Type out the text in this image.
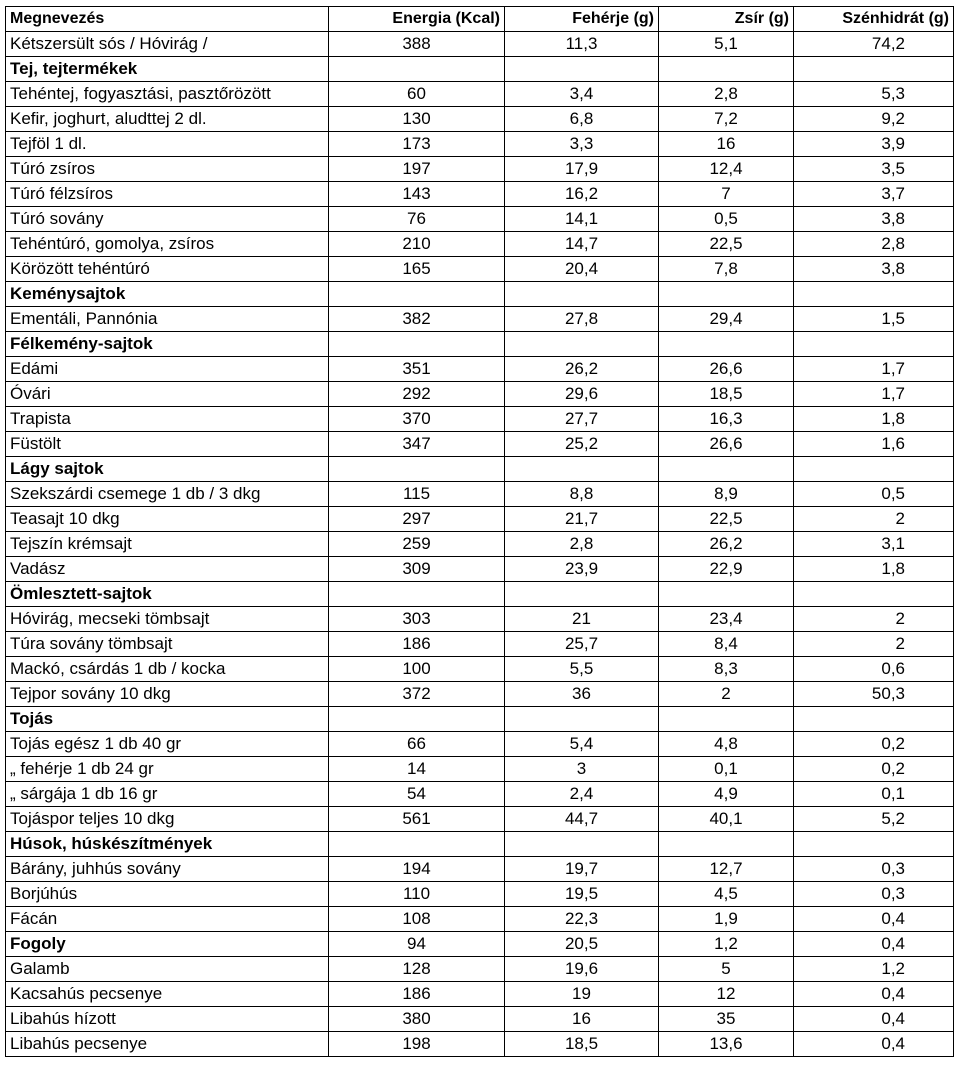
Megnevezés	Energia (Kcal)	Fehérje (g)	Zsír (g)	Szénhidrát (g)
Kétszersült sós / Hóvirág /	388	11,3	5,1	74,2
Tej, tejtermékek				
Tehéntej, fogyasztási, pasztőrözött	60	3,4	2,8	5,3
Kefir, joghurt, aludttej 2 dl.	130	6,8	7,2	9,2
Tejföl 1 dl.	173	3,3	16	3,9
Túró zsíros	197	17,9	12,4	3,5
Túró félzsíros	143	16,2	7	3,7
Túró sovány	76	14,1	0,5	3,8
Tehéntúró, gomolya, zsíros	210	14,7	22,5	2,8
Körözött tehéntúró	165	20,4	7,8	3,8
Keménysajtok				
Ementáli, Pannónia	382	27,8	29,4	1,5
Félkemény-sajtok				
Edámi	351	26,2	26,6	1,7
Óvári	292	29,6	18,5	1,7
Trapista	370	27,7	16,3	1,8
Füstölt	347	25,2	26,6	1,6
Lágy sajtok				
Szekszárdi csemege 1 db / 3 dkg	115	8,8	8,9	0,5
Teasajt 10 dkg	297	21,7	22,5	2
Tejszín krémsajt	259	2,8	26,2	3,1
Vadász	309	23,9	22,9	1,8
Ömlesztett-sajtok				
Hóvirág, mecseki tömbsajt	303	21	23,4	2
Túra sovány tömbsajt	186	25,7	8,4	2
Mackó, csárdás 1 db / kocka	100	5,5	8,3	0,6
Tejpor sovány 10 dkg	372	36	2	50,3
Tojás				
Tojás egész 1 db 40 gr	66	5,4	4,8	0,2
„ fehérje 1 db 24 gr	14	3	0,1	0,2
„ sárgája 1 db 16 gr	54	2,4	4,9	0,1
Tojáspor teljes 10 dkg	561	44,7	40,1	5,2
Húsok, húskészítmények				
Bárány, juhhús sovány	194	19,7	12,7	0,3
Borjúhús	110	19,5	4,5	0,3
Fácán	108	22,3	1,9	0,4
Fogoly	94	20,5	1,2	0,4
Galamb	128	19,6	5	1,2
Kacsahús pecsenye	186	19	12	0,4
Libahús hízott	380	16	35	0,4
Libahús pecsenye	198	18,5	13,6	0,4
